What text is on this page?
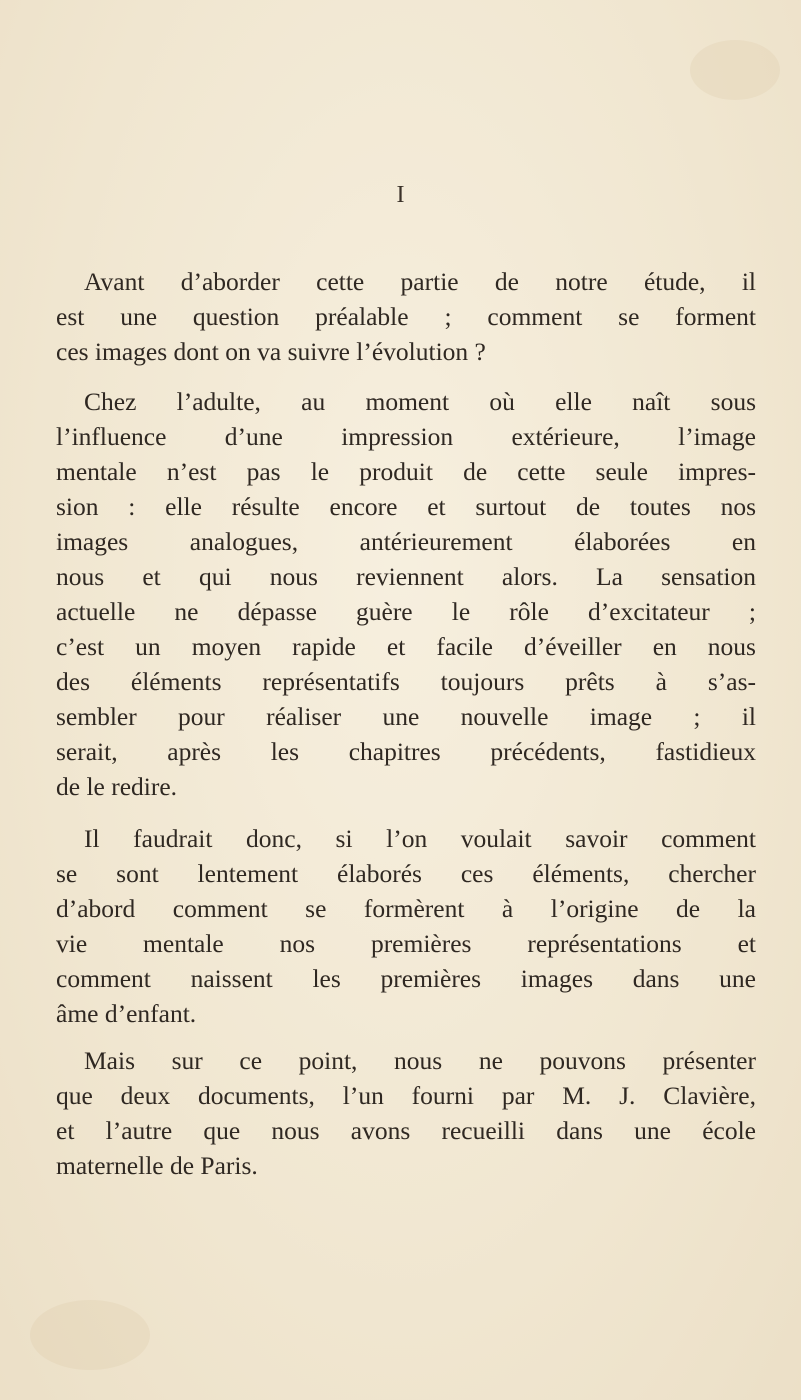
I
Avant d’aborder cette partie de notre étude, il
est une question préalable ; comment se forment
ces images dont on va suivre l’évolution ?
Chez l’adulte, au moment où elle naît sous
l’influence d’une impression extérieure, l’image
mentale n’est pas le produit de cette seule impres-
sion : elle résulte encore et surtout de toutes nos
images analogues, antérieurement élaborées en
nous et qui nous reviennent alors. La sensation
actuelle ne dépasse guère le rôle d’excitateur ;
c’est un moyen rapide et facile d’éveiller en nous
des éléments représentatifs toujours prêts à s’as-
sembler pour réaliser une nouvelle image ; il
serait, après les chapitres précédents, fastidieux
de le redire.
Il faudrait donc, si l’on voulait savoir comment
se sont lentement élaborés ces éléments, chercher
d’abord comment se formèrent à l’origine de la
vie mentale nos premières représentations et
comment naissent les premières images dans une
âme d’enfant.
Mais sur ce point, nous ne pouvons présenter
que deux documents, l’un fourni par M. J. Clavière,
et l’autre que nous avons recueilli dans une école
maternelle de Paris.
